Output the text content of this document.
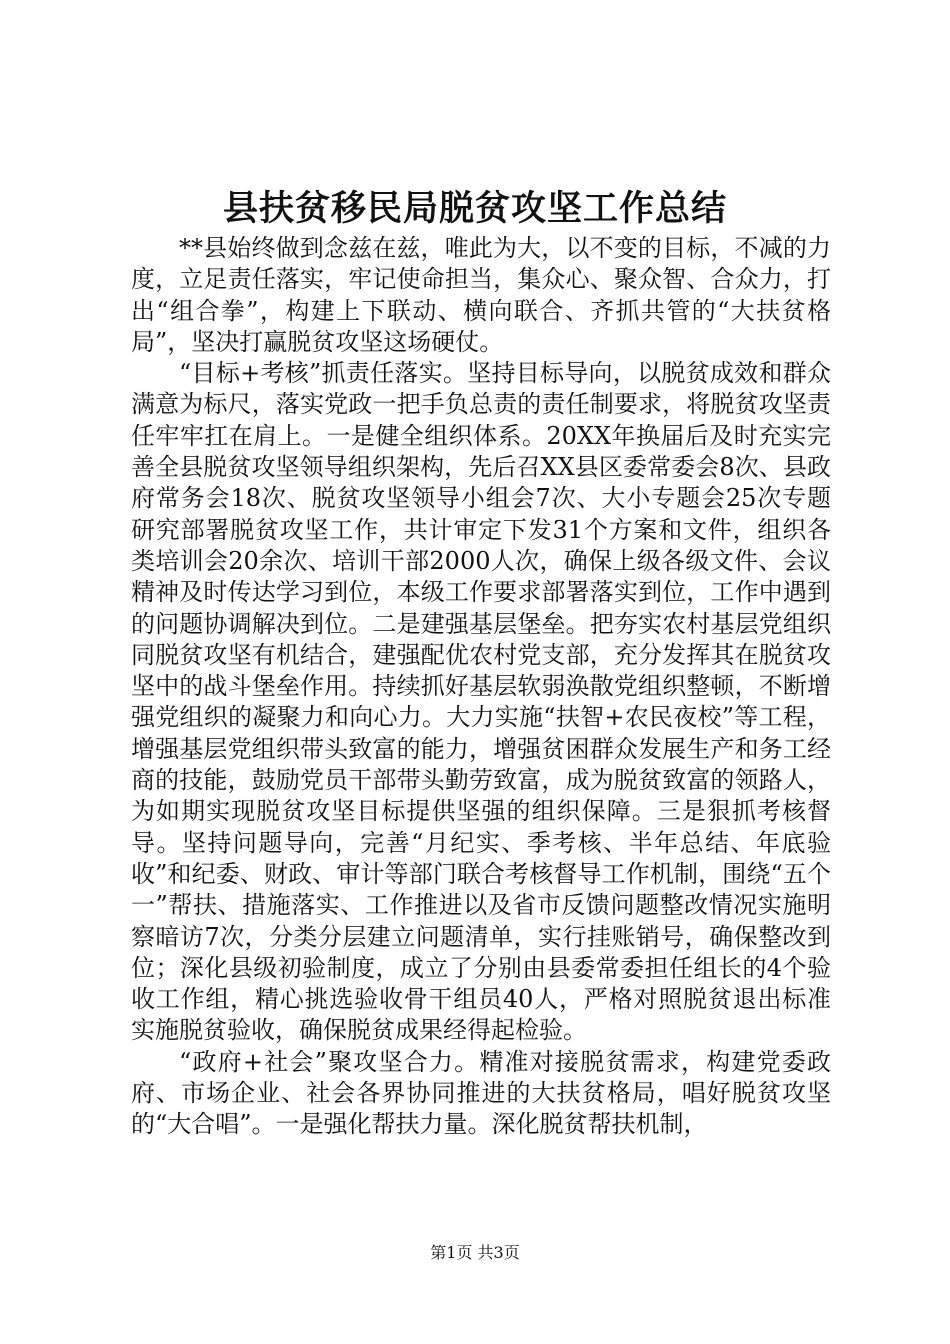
县扶贫移民局脱贫攻坚工作总结

**县始终做到念兹在兹，唯此为大，以不变的目标，不减的力度，立足责任落实，牢记使命担当，集众心、聚众智、合众力，打出“组合拳”，构建上下联动、横向联合、齐抓共管的“大扶贫格局”，坚决打赢脱贫攻坚这场硬仗。

“目标+考核”抓责任落实。坚持目标导向，以脱贫成效和群众满意为标尺，落实党政一把手负总责的责任制要求，将脱贫攻坚责任牢牢扛在肩上。一是健全组织体系。20XX年换届后及时充实完善全县脱贫攻坚领导组织架构，先后召XX县区委常委会8次、县政府常务会18次、脱贫攻坚领导小组会7次、大小专题会25次专题研究部署脱贫攻坚工作，共计审定下发31个方案和文件，组织各类培训会20余次、培训干部2000人次，确保上级各级文件、会议精神及时传达学习到位，本级工作要求部署落实到位，工作中遇到的问题协调解决到位。二是建强基层堡垒。把夯实农村基层党组织同脱贫攻坚有机结合，建强配优农村党支部，充分发挥其在脱贫攻坚中的战斗堡垒作用。持续抓好基层软弱涣散党组织整顿，不断增强党组织的凝聚力和向心力。大力实施“扶智+农民夜校”等工程，增强基层党组织带头致富的能力，增强贫困群众发展生产和务工经商的技能，鼓励党员干部带头勤劳致富，成为脱贫致富的领路人，为如期实现脱贫攻坚目标提供坚强的组织保障。三是狠抓考核督导。坚持问题导向，完善“月纪实、季考核、半年总结、年底验收”和纪委、财政、审计等部门联合考核督导工作机制，围绕“五个一”帮扶、措施落实、工作推进以及省市反馈问题整改情况实施明察暗访7次，分类分层建立问题清单，实行挂账销号，确保整改到位；深化县级初验制度，成立了分别由县委常委担任组长的4个验收工作组，精心挑选验收骨干组员40人，严格对照脱贫退出标准实施脱贫验收，确保脱贫成果经得起检验。

“政府+社会”聚攻坚合力。精准对接脱贫需求，构建党委政府、市场企业、社会各界协同推进的大扶贫格局，唱好脱贫攻坚的“大合唱”。一是强化帮扶力量。深化脱贫帮扶机制，

第1页 共3页
